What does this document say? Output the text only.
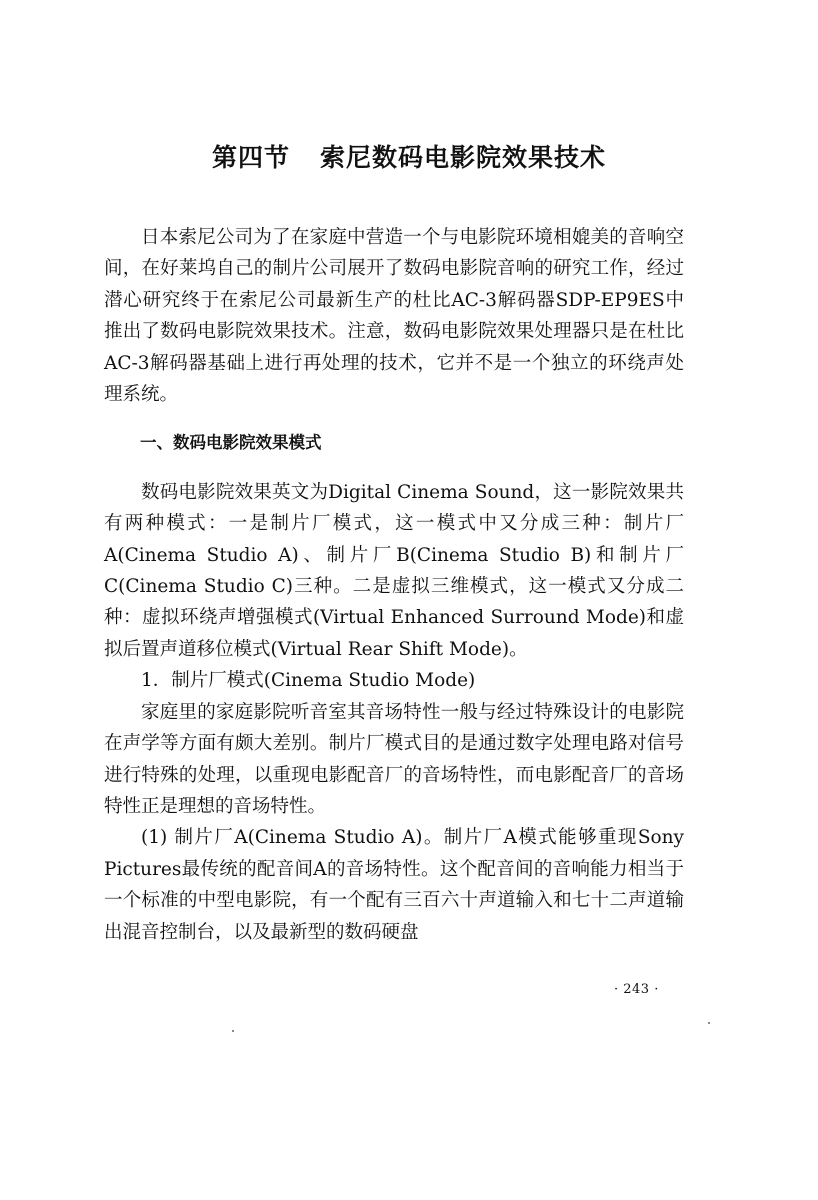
第四节 索尼数码电影院效果技术

日本索尼公司为了在家庭中营造一个与电影院环境相媲美的音响空间，在好莱坞自己的制片公司展开了数码电影院音响的研究工作，经过潜心研究终于在索尼公司最新生产的杜比AC-3解码器SDP-EP9ES中推出了数码电影院效果技术。注意，数码电影院效果处理器只是在杜比AC-3解码器基础上进行再处理的技术，它并不是一个独立的环绕声处理系统。

一、数码电影院效果模式

数码电影院效果英文为Digital Cinema Sound，这一影院效果共有两种模式：一是制片厂模式，这一模式中又分成三种：制片厂A(Cinema Studio A)、制片厂B(Cinema Studio B)和制片厂C(Cinema Studio C)三种。二是虚拟三维模式，这一模式又分成二种：虚拟环绕声增强模式(Virtual Enhanced Surround Mode)和虚拟后置声道移位模式(Virtual Rear Shift Mode)。

1．制片厂模式(Cinema Studio Mode)

家庭里的家庭影院听音室其音场特性一般与经过特殊设计的电影院在声学等方面有颇大差别。制片厂模式目的是通过数字处理电路对信号进行特殊的处理，以重现电影配音厂的音场特性，而电影配音厂的音场特性正是理想的音场特性。

(1) 制片厂A(Cinema Studio A)。制片厂A模式能够重现Sony Pictures最传统的配音间A的音场特性。这个配音间的音响能力相当于一个标准的中型电影院，有一个配有三百六十声道输入和七十二声道输出混音控制台，以及最新型的数码硬盘

· 243 ·
